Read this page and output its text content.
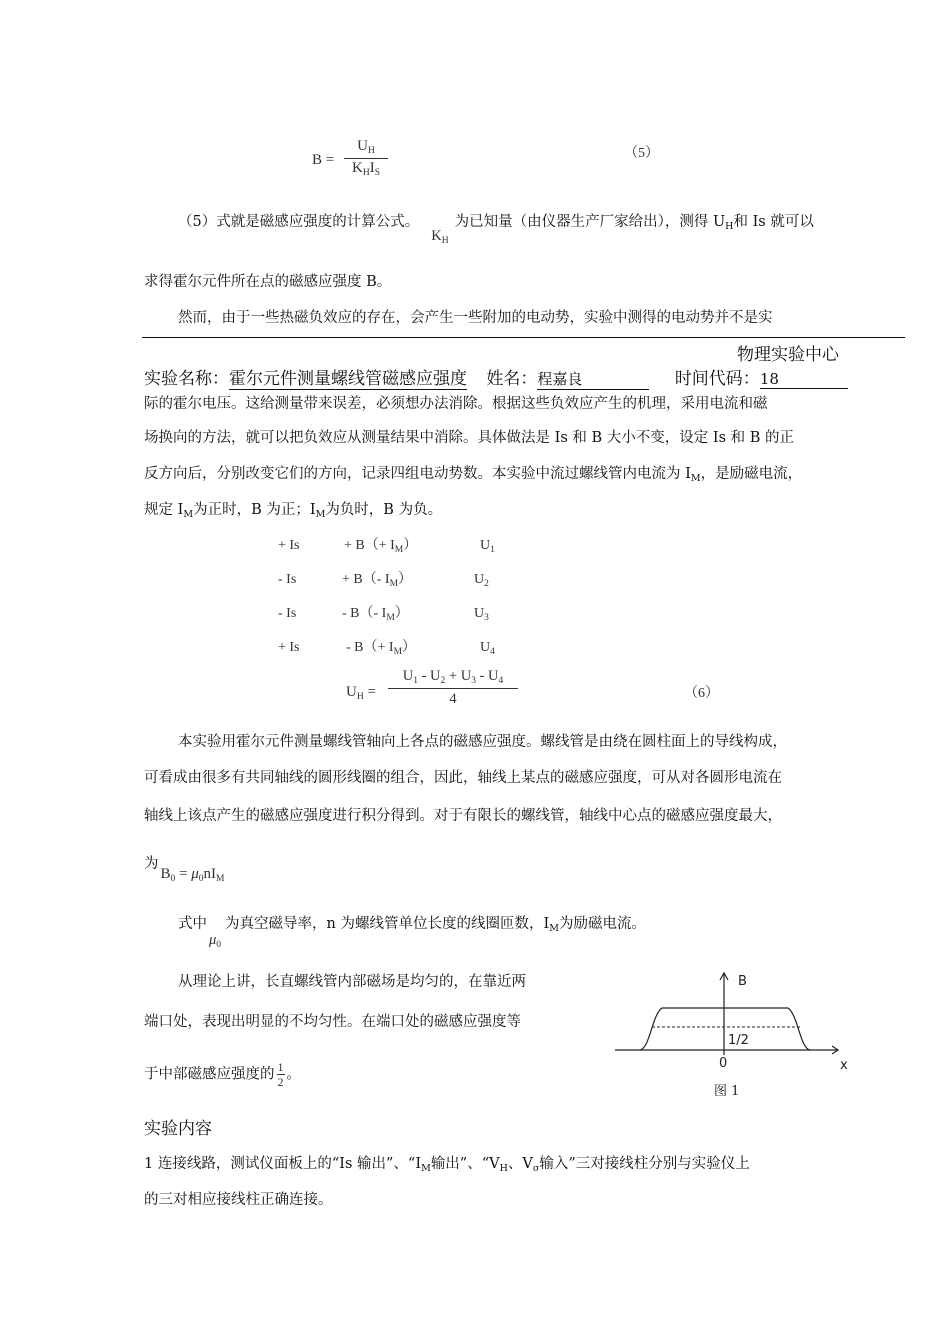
B =
$U_H$
$K_HI_S$
（5）
（5）式就是磁感应强度的计算公式。$K_H$为已知量（由仪器生产厂家给出），测得 $U_H$和 Is 就可以
求得霍尔元件所在点的磁感应强度 B。
然而，由于一些热磁负效应的存在，会产生一些附加的电动势，实验中测得的电动势并不是实
物理实验中心
实验名称：霍尔元件测量螺线管磁感应强度 姓名：程嘉良	时间代码：18
际的霍尔电压。这给测量带来误差，必须想办法消除。根据这些负效应产生的机理，采用电流和磁
场换向的方法，就可以把负效应从测量结果中消除。具体做法是 Is 和 B 大小不变，设定 Is 和 B 的正
反方向后，分别改变它们的方向，记录四组电动势数。本实验中流过螺线管内电流为 $I_M$，是励磁电流，
规定 $I_M$为正时，B 为正；$I_M$为负时，B 为负。
+ Is	+ $B(+ I_M)$	$U_1$
- Is	+ B（- $I_M$）	$U_2$
- Is	- B（- $I_M$）	$U_3$
+ Is	- $B(+ I_M)$	$U_4$
$U_H$ =
$U_1 - U_2 + U_3 - U_4$
4	（6）
本实验用霍尔元件测量螺线管轴向上各点的磁感应强度。螺线管是由绕在圆柱面上的导线构成，
可看成由很多有共同轴线的圆形线圈的组合，因此，轴线上某点的磁感应强度，可从对各圆形电流在
轴线上该点产生的磁感应强度进行积分得到。对于有限长的螺线管，轴线中心点的磁感应强度最大，
为$B_0 = \mu_0nI_M$
式中$\mu_0$为真空磁导率，n 为螺线管单位长度的线圈匝数，$I_M$为励磁电流。
从理论上讲，长直螺线管内部磁场是均匀的，在靠近两
端口处，表现出明显的不均匀性。在端口处的磁感应强度等
于中部磁感应强度的 $\frac{1}{2}$ 。
B
1/2
0	x
图 1
实验内容
1 连接线路，测试仪面板上的“Is 输出”、“$I_M$输出”、“$V_H$、$V_\sigma$输入”三对接线柱分别与实验仪上
的三对相应接线柱正确连接。
